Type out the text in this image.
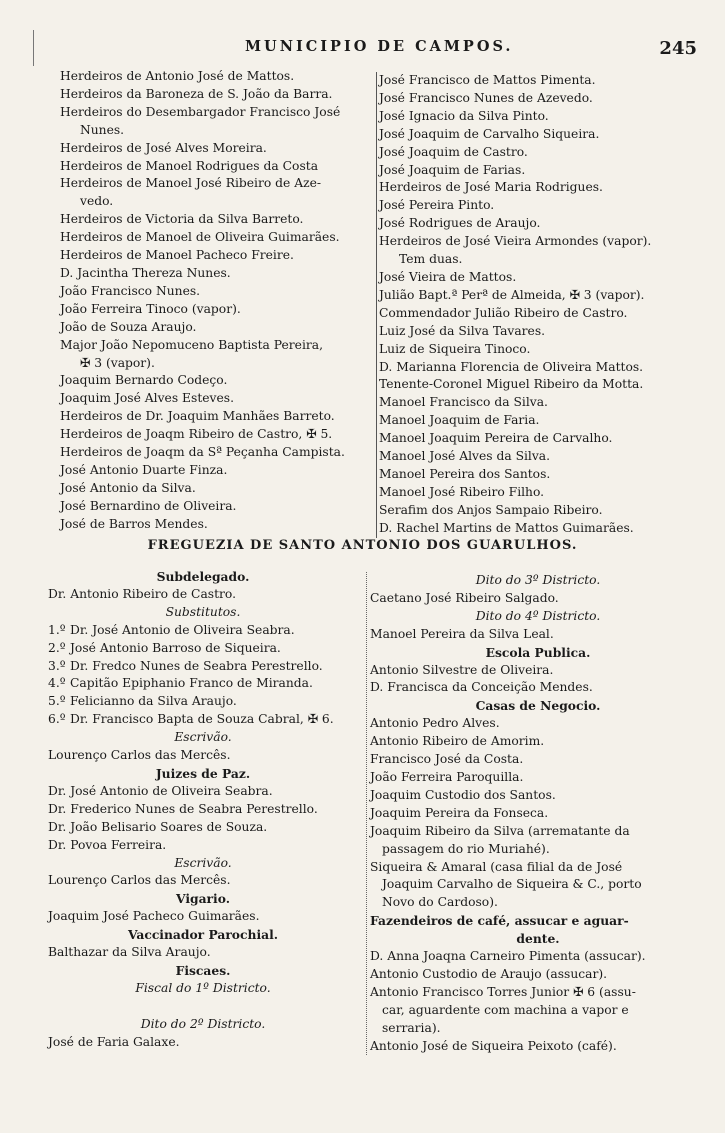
MUNICIPIO DE CAMPOS.	245
Herdeiros de Antonio José de Mattos.
Herdeiros da Baroneza de S. João da Barra.
Herdeiros do Desembargador Francisco José
Nunes.
Herdeiros de José Alves Moreira.
Herdeiros de Manoel Rodrigues da Costa
Herdeiros de Manoel José Ribeiro de Aze-
vedo.
Herdeiros de Victoria da Silva Barreto.
Herdeiros de Manoel de Oliveira Guimarães.
Herdeiros de Manoel Pacheco Freire.
D. Jacintha Thereza Nunes.
João Francisco Nunes.
João Ferreira Tinoco (vapor).
João de Souza Araujo.
Major João Nepomuceno Baptista Pereira,
✠ 3 (vapor).
Joaquim Bernardo Codeço.
Joaquim José Alves Esteves.
Herdeiros de Dr. Joaquim Manhães Barreto.
Herdeiros de Joaqm Ribeiro de Castro, ✠ 5.
Herdeiros de Joaqm da Sª Peçanha Campista.
José Antonio Duarte Finza.
José Antonio da Silva.
José Bernardino de Oliveira.
José de Barros Mendes.
José Francisco de Mattos Pimenta.
José Francisco Nunes de Azevedo.
José Ignacio da Silva Pinto.
José Joaquim de Carvalho Siqueira.
José Joaquim de Castro.
José Joaquim de Farias.
Herdeiros de José Maria Rodrigues.
José Pereira Pinto.
José Rodrigues de Araujo.
Herdeiros de José Vieira Armondes (vapor).
Tem duas.
José Vieira de Mattos.
Julião Bapt.ª Perª de Almeida, ✠ 3 (vapor).
Commendador Julião Ribeiro de Castro.
Luiz José da Silva Tavares.
Luiz de Siqueira Tinoco.
D. Marianna Florencia de Oliveira Mattos.
Tenente-Coronel Miguel Ribeiro da Motta.
Manoel Francisco da Silva.
Manoel Joaquim de Faria.
Manoel Joaquim Pereira de Carvalho.
Manoel José Alves da Silva.
Manoel Pereira dos Santos.
Manoel José Ribeiro Filho.
Serafim dos Anjos Sampaio Ribeiro.
D. Rachel Martins de Mattos Guimarães.
FREGUEZIA DE SANTO ANTONIO DOS GUARULHOS.
Subdelegado.
Dr. Antonio Ribeiro de Castro.
Substitutos.
1.º Dr. José Antonio de Oliveira Seabra.
2.º José Antonio Barroso de Siqueira.
3.º Dr. Fredco Nunes de Seabra Perestrello.
4.º Capitão Epiphanio Franco de Miranda.
5.º Felicianno da Silva Araujo.
6.º Dr. Francisco Bapta de Souza Cabral, ✠ 6.
Escrivão.
Lourenço Carlos das Mercês.
Juizes de Paz.
Dr. José Antonio de Oliveira Seabra.
Dr. Frederico Nunes de Seabra Perestrello.
Dr. João Belisario Soares de Souza.
Dr. Povoa Ferreira.
Escrivão.
Lourenço Carlos das Mercês.
Vigario.
Joaquim José Pacheco Guimarães.
Vaccinador Parochial.
Balthazar da Silva Araujo.
Fiscaes.
Fiscal do 1º Districto.
Dito do 2º Districto.
José de Faria Galaxe.
Dito do 3º Districto.
Caetano José Ribeiro Salgado.
Dito do 4º Districto.
Manoel Pereira da Silva Leal.
Escola Publica.
Antonio Silvestre de Oliveira.
D. Francisca da Conceição Mendes.
Casas de Negocio.
Antonio Pedro Alves.
Antonio Ribeiro de Amorim.
Francisco José da Costa.
João Ferreira Paroquilla.
Joaquim Custodio dos Santos.
Joaquim Pereira da Fonseca.
Joaquim Ribeiro da Silva (arrematante da
passagem do rio Muriahé).
Siqueira & Amaral (casa filial da de José
Joaquim Carvalho de Siqueira & C., porto
Novo do Cardoso).
Fazendeiros de café, assucar e aguar-
dente.
D. Anna Joaqna Carneiro Pimenta (assucar).
Antonio Custodio de Araujo (assucar).
Antonio Francisco Torres Junior ✠ 6 (assu-
car, aguardente com machina a vapor e
serraria).
Antonio José de Siqueira Peixoto (café).
